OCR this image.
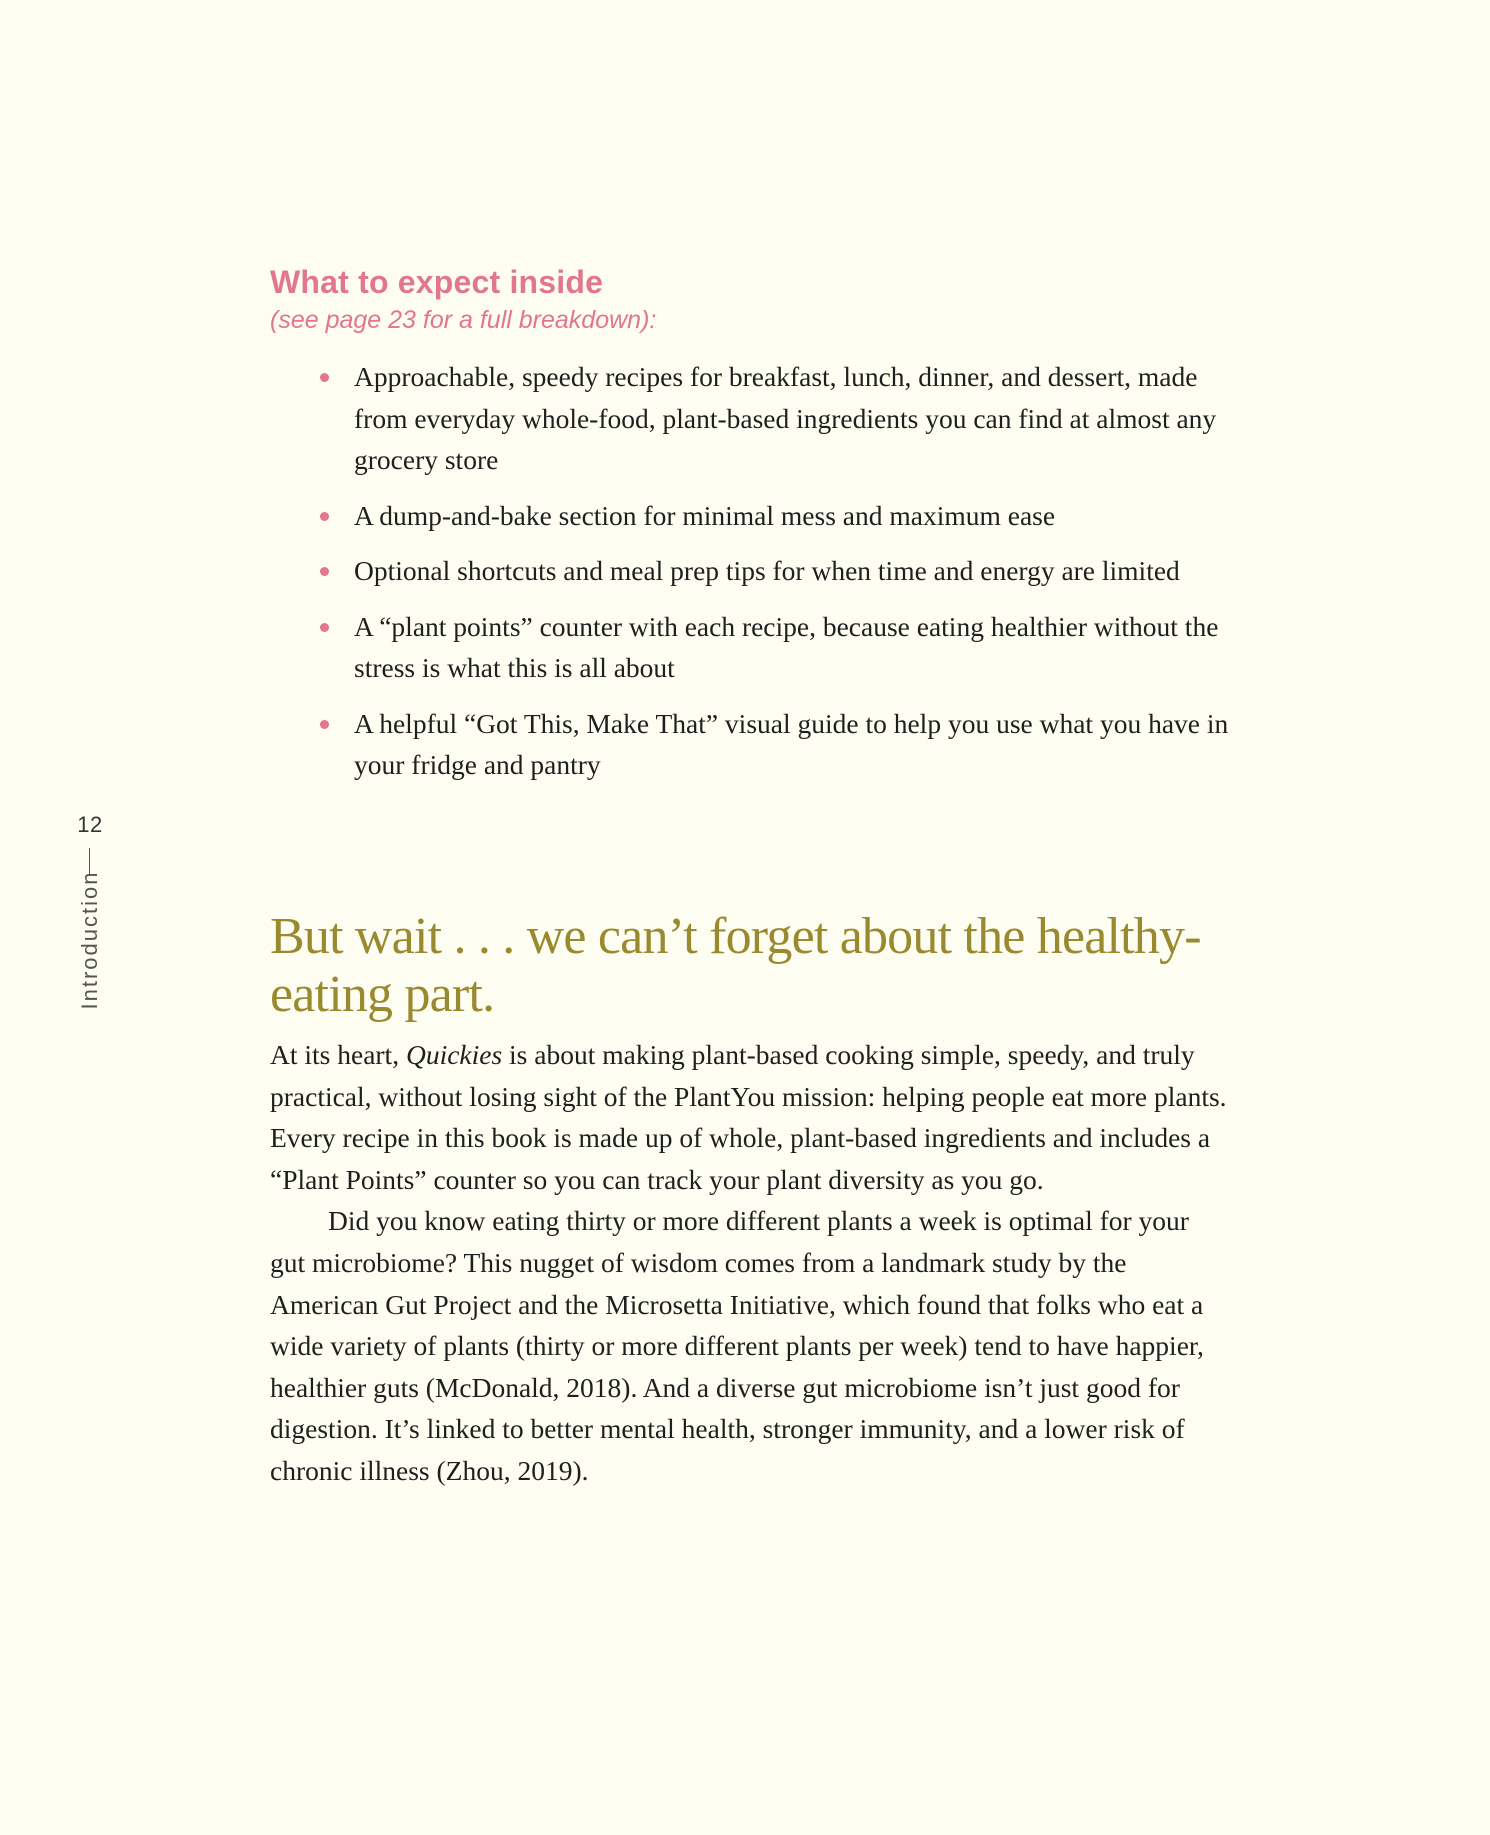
12
Introduction
What to expect inside

(see page 23 for a full breakdown):

Approachable, speedy recipes for breakfast, lunch, dinner, and dessert, made from everyday whole-food, plant-based ingredients you can find at almost any grocery store
A dump-and-bake section for minimal mess and maximum ease
Optional shortcuts and meal prep tips for when time and energy are limited
A “plant points” counter with each recipe, because eating healthier without the stress is what this is all about
A helpful “Got This, Make That” visual guide to help you use what you have in your fridge and pantry
But wait . . . we can’t forget about the healthy-eating part.

At its heart, Quickies is about making plant-based cooking simple, speedy, and truly practical, without losing sight of the PlantYou mission: helping people eat more plants. Every recipe in this book is made up of whole, plant-based ingredients and includes a “Plant Points” counter so you can track your plant diversity as you go.

Did you know eating thirty or more different plants a week is optimal for your gut microbiome? This nugget of wisdom comes from a landmark study by the American Gut Project and the Microsetta Initiative, which found that folks who eat a wide variety of plants (thirty or more different plants per week) tend to have happier, healthier guts (McDonald, 2018). And a diverse gut microbiome isn’t just good for digestion. It’s linked to better mental health, stronger immunity, and a lower risk of chronic illness (Zhou, 2019).
